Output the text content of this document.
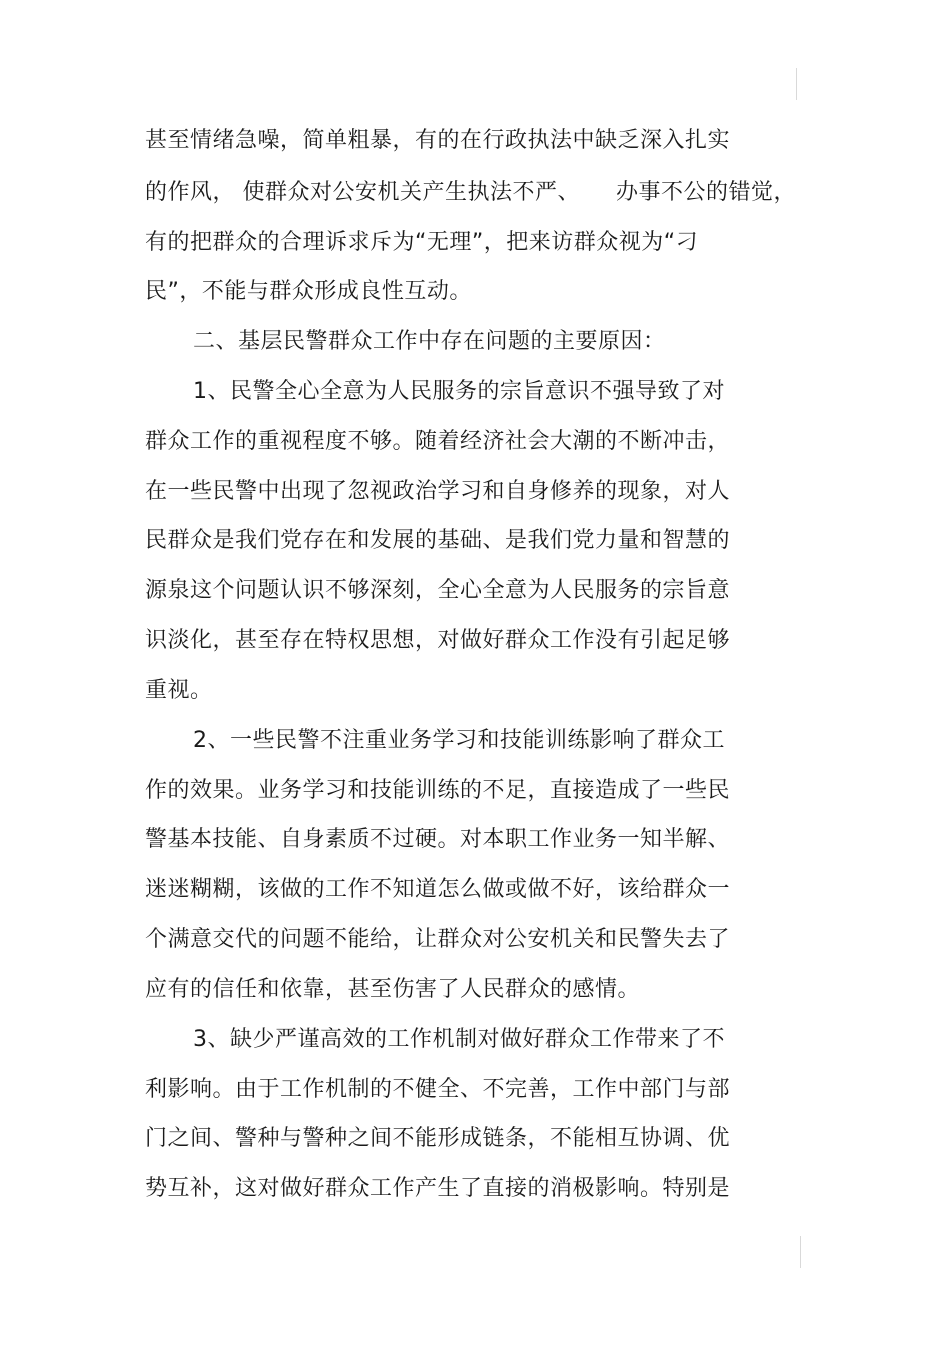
甚至情绪急噪，简单粗暴，有的在行政执法中缺乏深入扎实
的作风， 使群众对公安机关产生执法不严、 办事不公的错觉，
有的把群众的合理诉求斥为“无理”，把来访群众视为“刁
民”，不能与群众形成良性互动。
二、基层民警群众工作中存在问题的主要原因：
1、民警全心全意为人民服务的宗旨意识不强导致了对
群众工作的重视程度不够。随着经济社会大潮的不断冲击，
在一些民警中出现了忽视政治学习和自身修养的现象，对人
民群众是我们党存在和发展的基础、是我们党力量和智慧的
源泉这个问题认识不够深刻，全心全意为人民服务的宗旨意
识淡化，甚至存在特权思想，对做好群众工作没有引起足够
重视。
2、一些民警不注重业务学习和技能训练影响了群众工
作的效果。业务学习和技能训练的不足，直接造成了一些民
警基本技能、自身素质不过硬。对本职工作业务一知半解、
迷迷糊糊，该做的工作不知道怎么做或做不好，该给群众一
个满意交代的问题不能给，让群众对公安机关和民警失去了
应有的信任和依靠，甚至伤害了人民群众的感情。
3、缺少严谨高效的工作机制对做好群众工作带来了不
利影响。由于工作机制的不健全、不完善，工作中部门与部
门之间、警种与警种之间不能形成链条，不能相互协调、优
势互补，这对做好群众工作产生了直接的消极影响。特别是
